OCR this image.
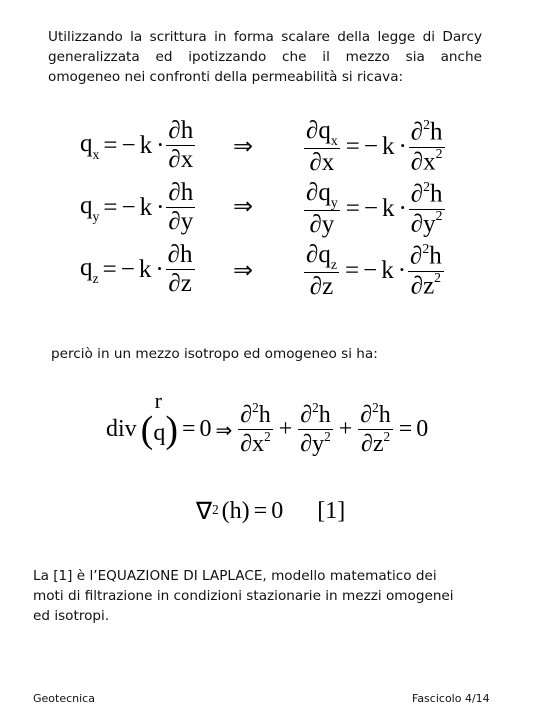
Utilizzando la scrittura in forma scalare della legge di Darcy
generalizzata ed ipotizzando che il mezzo sia anche
omogeneo nei confronti della permeabilità si ricava:
$q_x$ = − $k \cdot \frac{\partial h}{\partial x}$ ⇒ $\frac{\partial q_x}{\partial x}$ = − $k \cdot \frac{\partial^2h}{\partial x^2}$
$q_y$ = − $k \cdot \frac{\partial h}{\partial y}$ ⇒ $\frac{\partial q_y}{\partial y}$ = − $k \cdot \frac{\partial^2h}{\partial y^2}$
$q_z$ = − $k \cdot \frac{\partial h}{\partial z}$ ⇒ $\frac{\partial q_z}{\partial z}$ = − $k \cdot \frac{\partial^2h}{\partial z^2}$
perciò in un mezzo isotropo ed omogeneo si ha:
div (q)
r
= 0 ⇒ $\frac{\partial^2h}{\partial x^2} + \frac{\partial^2h}{\partial y^2} + \frac{\partial^2h}{\partial z^2} = 0$
∇$^2$ ( h ) = 0 [1]
La [1] è l’EQUAZIONE DI LAPLACE, modello matematico dei
moti di filtrazione in condizioni stazionarie in mezzi omogenei
ed isotropi.
Geotecnica	Fascicolo 4/14
